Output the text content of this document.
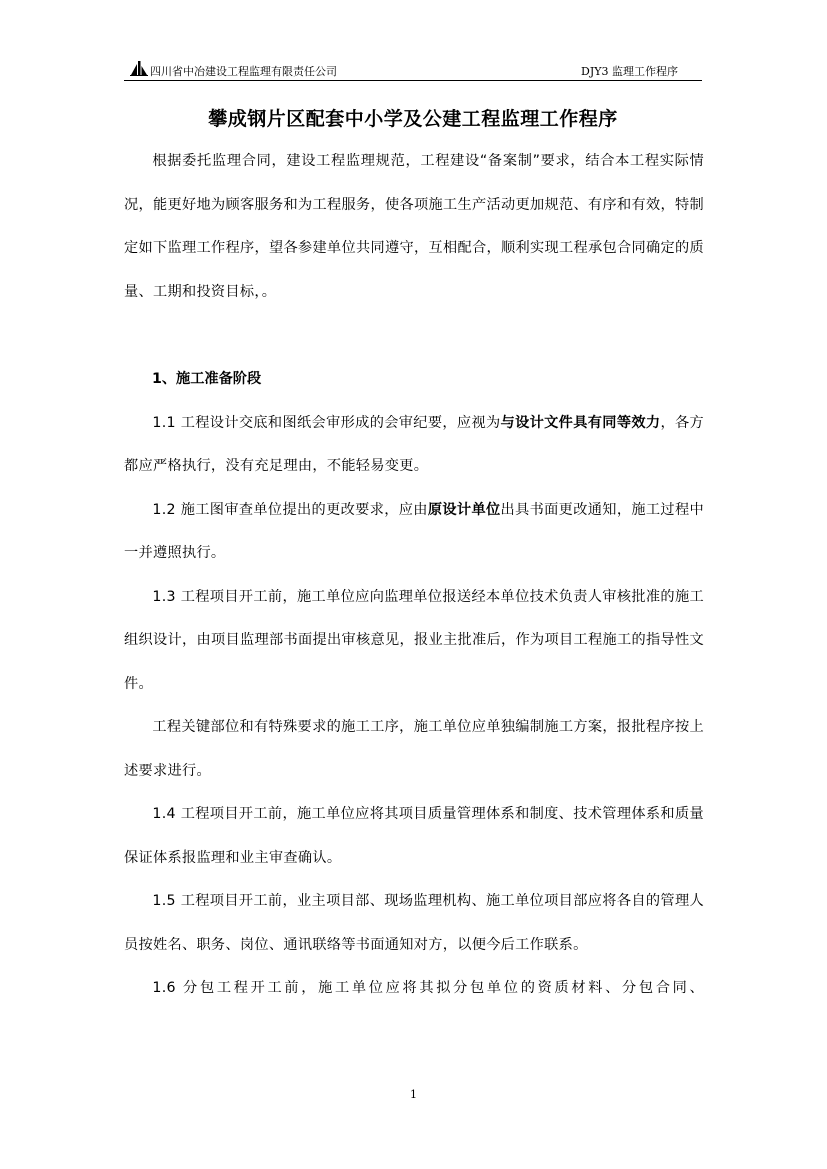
四川省中冶建设工程监理有限责任公司	DJY3 监理工作程序
攀成钢片区配套中小学及公建工程监理工作程序

根据委托监理合同，建设工程监理规范，工程建设“备案制”要求，结合本工程实际情况，能更好地为顾客服务和为工程服务，使各项施工生产活动更加规范、有序和有效，特制定如下监理工作程序，望各参建单位共同遵守，互相配合，顺利实现工程承包合同确定的质量、工期和投资目标，。

1、施工准备阶段

1.1 工程设计交底和图纸会审形成的会审纪要，应视为与设计文件具有同等效力，各方都应严格执行，没有充足理由，不能轻易变更。

1.2 施工图审查单位提出的更改要求，应由原设计单位出具书面更改通知，施工过程中一并遵照执行。

1.3 工程项目开工前，施工单位应向监理单位报送经本单位技术负责人审核批准的施工组织设计，由项目监理部书面提出审核意见，报业主批准后，作为项目工程施工的指导性文件。

工程关键部位和有特殊要求的施工工序，施工单位应单独编制施工方案，报批程序按上述要求进行。

1.4 工程项目开工前，施工单位应将其项目质量管理体系和制度、技术管理体系和质量保证体系报监理和业主审查确认。

1.5 工程项目开工前，业主项目部、现场监理机构、施工单位项目部应将各自的管理人员按姓名、职务、岗位、通讯联络等书面通知对方，以便今后工作联系。

1.6 分包工程开工前，施工单位应将其拟分包单位的资质材料、分包合同、

1
